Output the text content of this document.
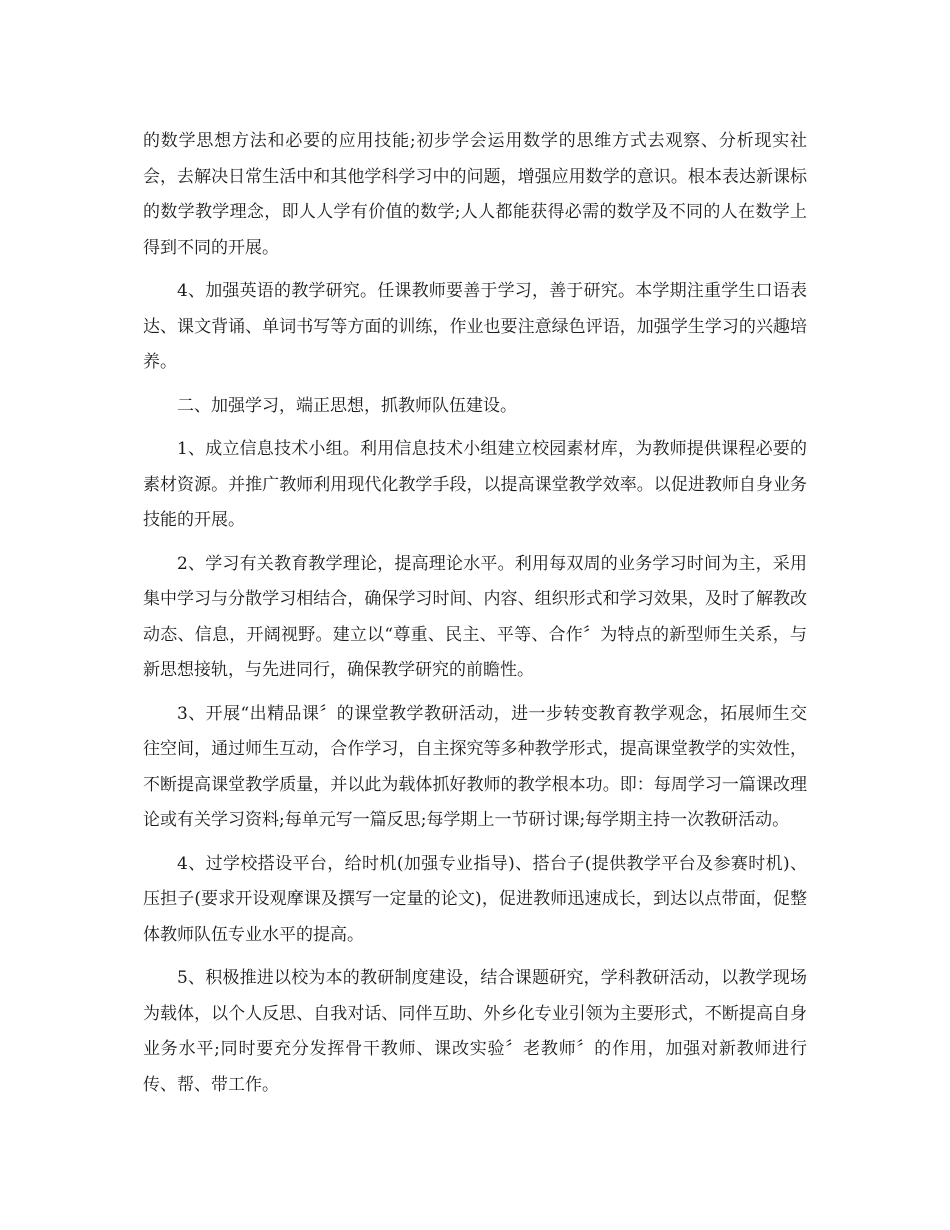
的数学思想方法和必要的应用技能;初步学会运用数学的思维方式去观察、分析现实社会，去解决日常生活中和其他学科学习中的问题，增强应用数学的意识。根本表达新课标的数学教学理念，即人人学有价值的数学;人人都能获得必需的数学及不同的人在数学上得到不同的开展。

4、加强英语的教学研究。任课教师要善于学习，善于研究。本学期注重学生口语表达、课文背诵、单词书写等方面的训练，作业也要注意绿色评语，加强学生学习的兴趣培养。

二、加强学习，端正思想，抓教师队伍建设。

1、成立信息技术小组。利用信息技术小组建立校园素材库，为教师提供课程必要的素材资源。并推广教师利用现代化教学手段，以提高课堂教学效率。以促进教师自身业务技能的开展。

2、学习有关教育教学理论，提高理论水平。利用每双周的业务学习时间为主，采用集中学习与分散学习相结合，确保学习时间、内容、组织形式和学习效果，及时了解教改动态、信息，开阔视野。建立以“尊重、民主、平等、合作〞为特点的新型师生关系，与新思想接轨，与先进同行，确保教学研究的前瞻性。

3、开展“出精品课〞的课堂教学教研活动，进一步转变教育教学观念，拓展师生交往空间，通过师生互动，合作学习，自主探究等多种教学形式，提高课堂教学的实效性，不断提高课堂教学质量，并以此为载体抓好教师的教学根本功。即：每周学习一篇课改理论或有关学习资料;每单元写一篇反思;每学期上一节研讨课;每学期主持一次教研活动。

4、过学校搭设平台，给时机(加强专业指导)、搭台子(提供教学平台及参赛时机)、压担子(要求开设观摩课及撰写一定量的论文)，促进教师迅速成长，到达以点带面，促整体教师队伍专业水平的提高。

5、积极推进以校为本的教研制度建设，结合课题研究，学科教研活动，以教学现场为载体，以个人反思、自我对话、同伴互助、外乡化专业引领为主要形式，不断提高自身业务水平;同时要充分发挥骨干教师、课改实验〞老教师〞的作用，加强对新教师进行传、帮、带工作。
